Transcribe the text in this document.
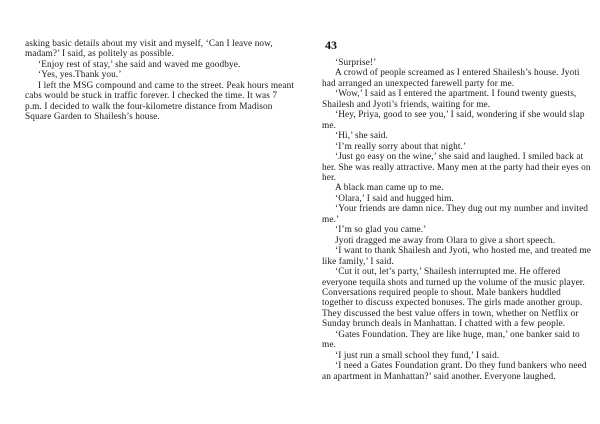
asking basic details about my visit and myself, ‘Can I leave now,
madam?’ I said, as politely as possible.
‘Enjoy rest of stay,’ she said and waved me goodbye.
‘Yes, yes.Thank you.’
I left the MSG compound and came to the street. Peak hours meant
cabs would be stuck in traffic forever. I checked the time. It was 7
p.m. I decided to walk the four-kilometre distance from Madison
Square Garden to Shailesh’s house.
43
‘Surprise!’
A crowd of people screamed as I entered Shailesh’s house. Jyoti
had arranged an unexpected farewell party for me.
‘Wow,’ I said as I entered the apartment. I found twenty guests,
Shailesh and Jyoti’s friends, waiting for me.
‘Hey, Priya, good to see you,’ I said, wondering if she would slap
me.
‘Hi,’ she said.
‘I’m really sorry about that night.’
‘Just go easy on the wine,’ she said and laughed. I smiled back at
her. She was really attractive. Many men at the party had their eyes on
her.
A black man came up to me.
‘Olara,’ I said and hugged him.
‘Your friends are damn nice. They dug out my number and invited
me.’
‘I’m so glad you came.’
Jyoti dragged me away from Olara to give a short speech.
‘I want to thank Shailesh and Jyoti, who hosted me, and treated me
like family,’ I said.
‘Cut it out, let’s party,’ Shailesh interrupted me. He offered
everyone tequila shots and turned up the volume of the music player.
Conversations required people to shout. Male bankers huddled
together to discuss expected bonuses. The girls made another group.
They discussed the best value offers in town, whether on Netflix or
Sunday brunch deals in Manhattan. I chatted with a few people.
‘Gates Foundation. They are like huge, man,’ one banker said to
me.
‘I just run a small school they fund,’ I said.
‘I need a Gates Foundation grant. Do they fund bankers who need
an apartment in Manhattan?’ said another. Everyone laughed.
